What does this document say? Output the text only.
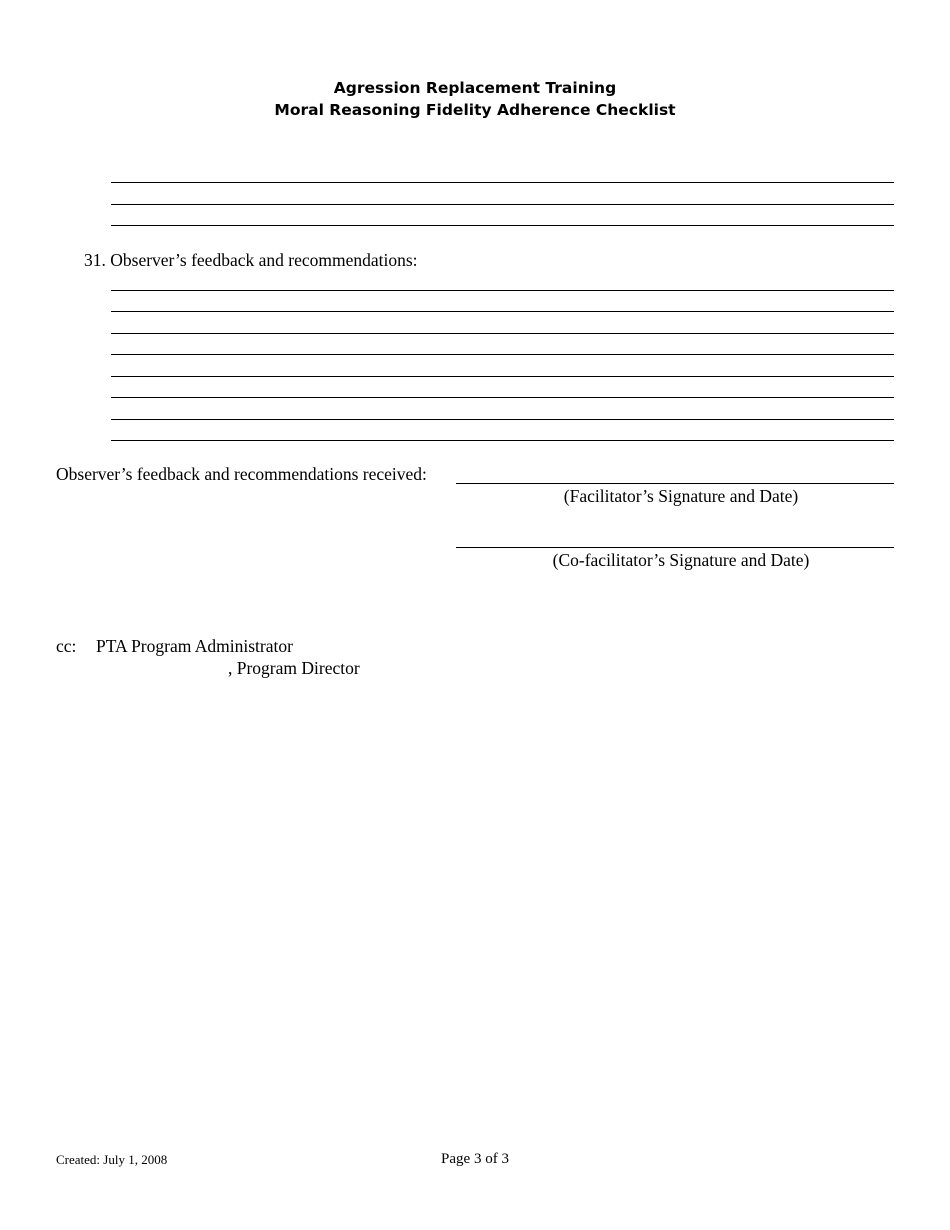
Agression Replacement Training
Moral Reasoning Fidelity Adherence Checklist
31. Observer’s feedback and recommendations:
Observer’s feedback and recommendations received:
(Facilitator’s Signature and Date)
(Co-facilitator’s Signature and Date)
cc: PTA Program Administrator
, Program Director
Created: July 1, 2008	Page 3 of 3
